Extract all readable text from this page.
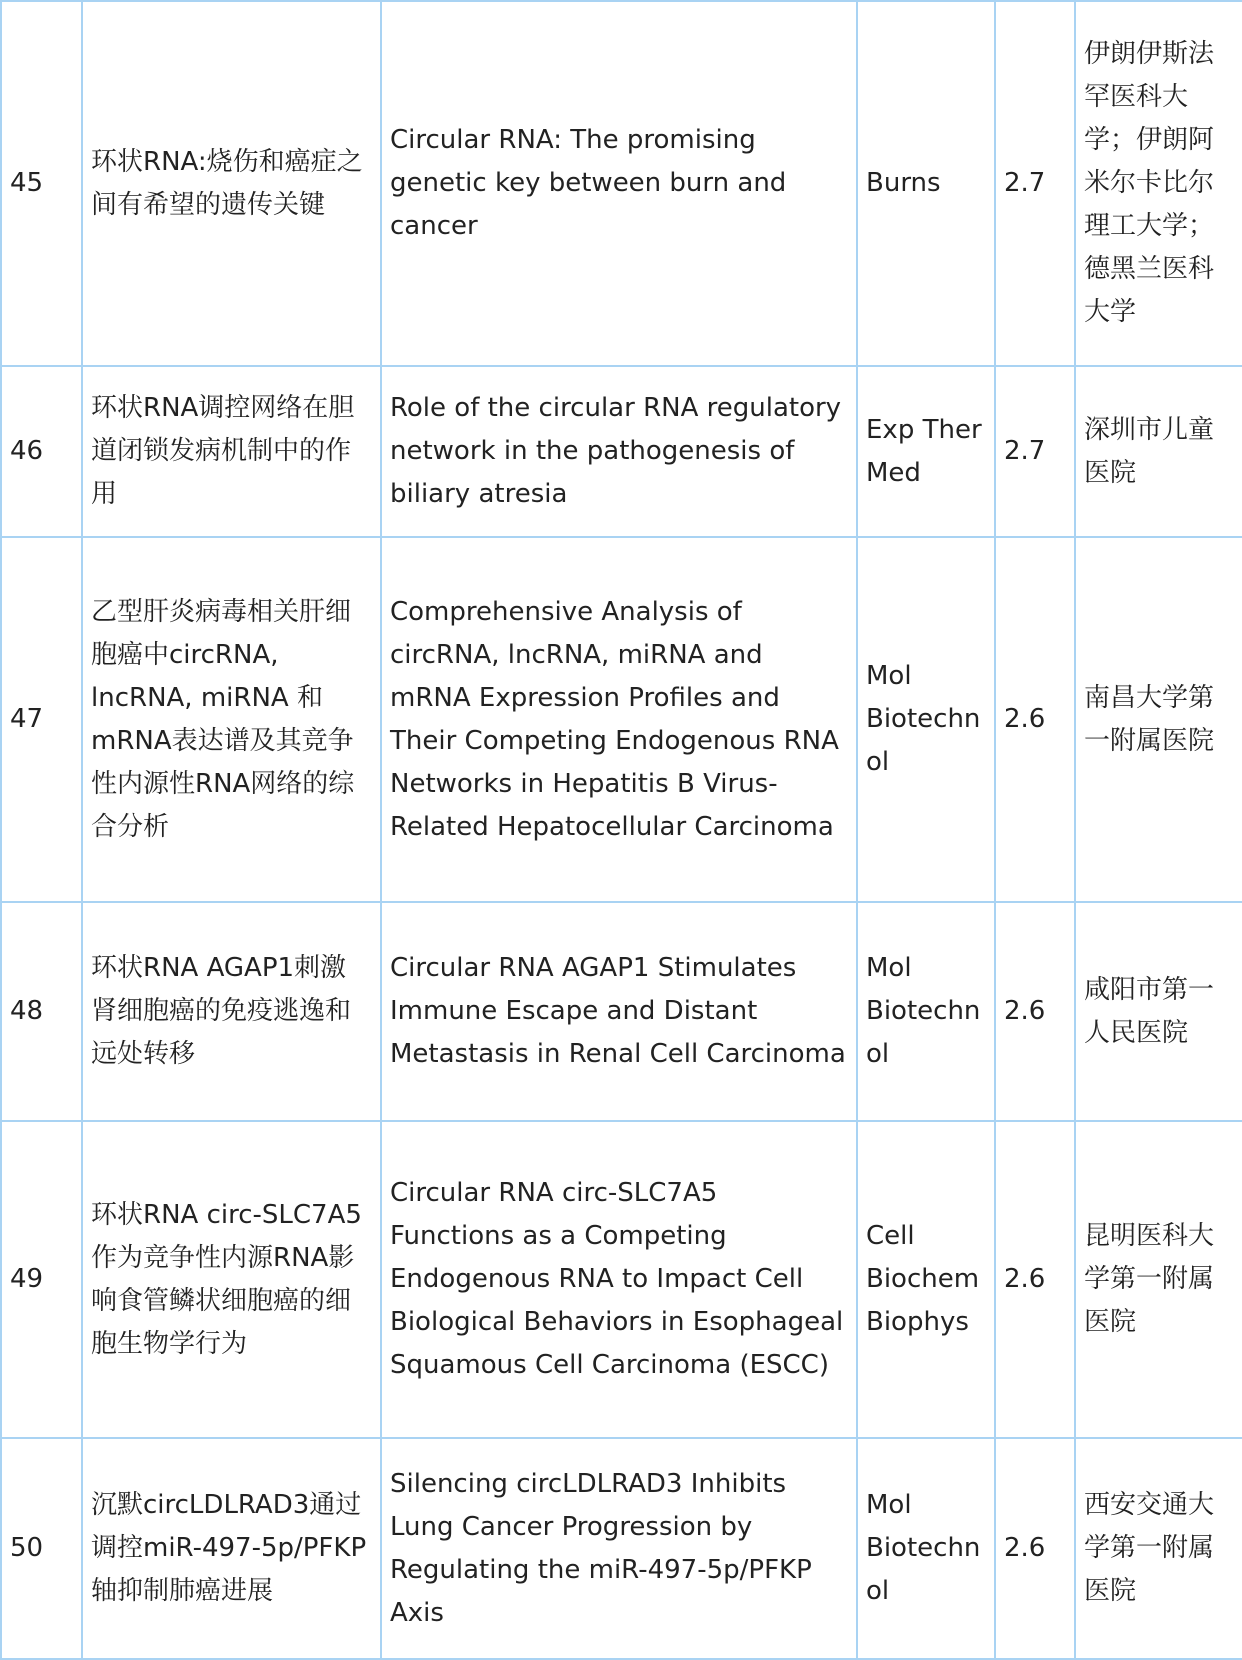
45	环状RNA:烧伤和癌症之间有希望的遗传关键	Circular RNA: The promising genetic key between burn and cancer	Burns	2.7	伊朗伊斯法罕医科大学；伊朗阿米尔卡比尔理工大学；德黑兰医科大学
46	环状RNA调控网络在胆道闭锁发病机制中的作用	Role of the circular RNA regulatory network in the pathogenesis of biliary atresia	Exp Ther Med	2.7	深圳市儿童医院
47	乙型肝炎病毒相关肝细胞癌中circRNA, lncRNA, miRNA 和mRNA表达谱及其竞争性内源性RNA网络的综合分析	Comprehensive Analysis of circRNA, lncRNA, miRNA and mRNA Expression Profiles and Their Competing Endogenous RNA Networks in Hepatitis B Virus-Related Hepatocellular Carcinoma	Mol Biotechnol	2.6	南昌大学第一附属医院
48	环状RNA AGAP1刺激肾细胞癌的免疫逃逸和远处转移	Circular RNA AGAP1 Stimulates Immune Escape and Distant Metastasis in Renal Cell Carcinoma	Mol Biotechnol	2.6	咸阳市第一人民医院
49	环状RNA circ-SLC7A5作为竞争性内源RNA影响食管鳞状细胞癌的细胞生物学行为	Circular RNA circ-SLC7A5 Functions as a Competing Endogenous RNA to Impact Cell Biological Behaviors in Esophageal Squamous Cell Carcinoma (ESCC)	Cell Biochem Biophys	2.6	昆明医科大学第一附属医院
50	沉默circLDLRAD3通过调控miR-497-5p/PFKP轴抑制肺癌进展	Silencing circLDLRAD3 Inhibits Lung Cancer Progression by Regulating the miR-497-5p/PFKP Axis	Mol Biotechnol	2.6	西安交通大学第一附属医院
